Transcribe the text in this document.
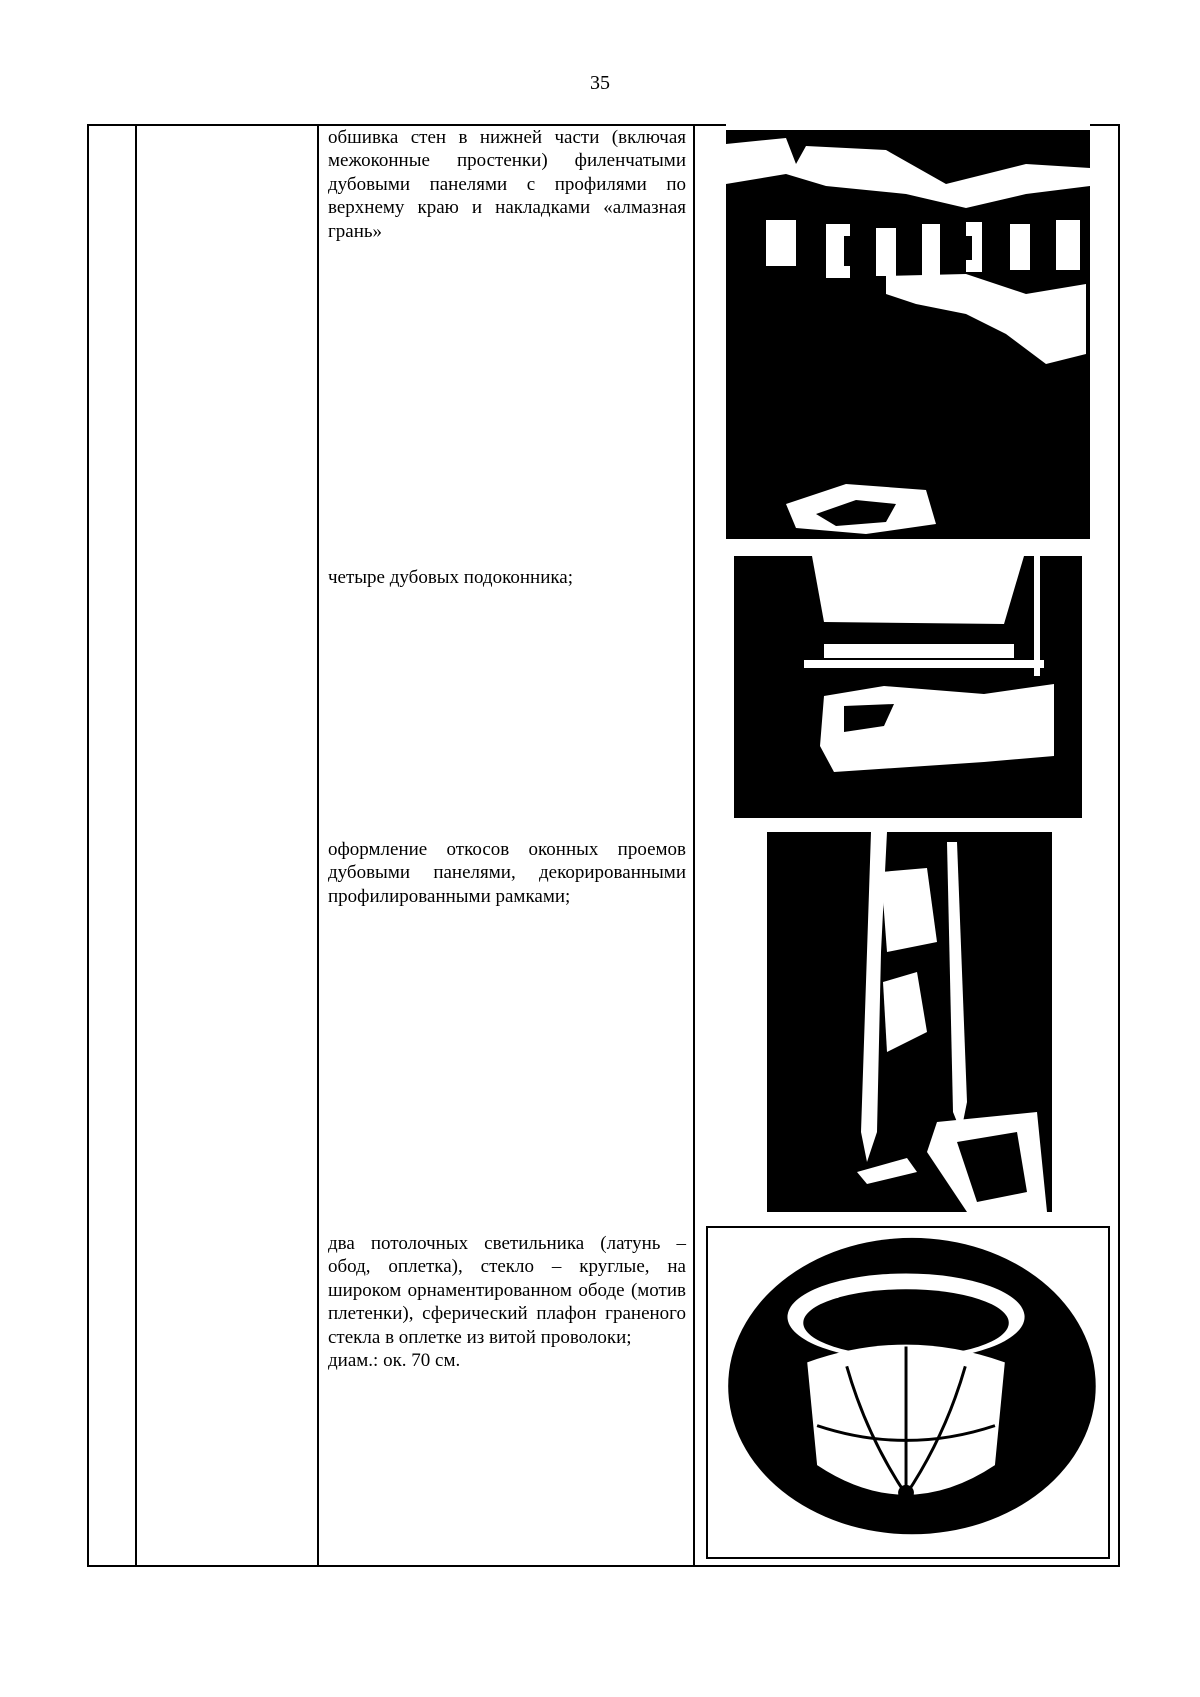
35
обшивка стен в нижней части (включая межоконные простенки) филенчатыми дубовыми панелями с профилями по верхнему краю и накладками «алмазная грань»
четыре дубовых подоконника;
оформление откосов оконных проемов дубовыми панелями, декорированными профилированными рамками;
два потолочных светильника (латунь – обод, оплетка), стекло – круглые, на широком орнаментированном ободе (мотив плетенки), сферический плафон граненого стекла в оплетке из витой проволоки;
диам.: ок. 70 см.
